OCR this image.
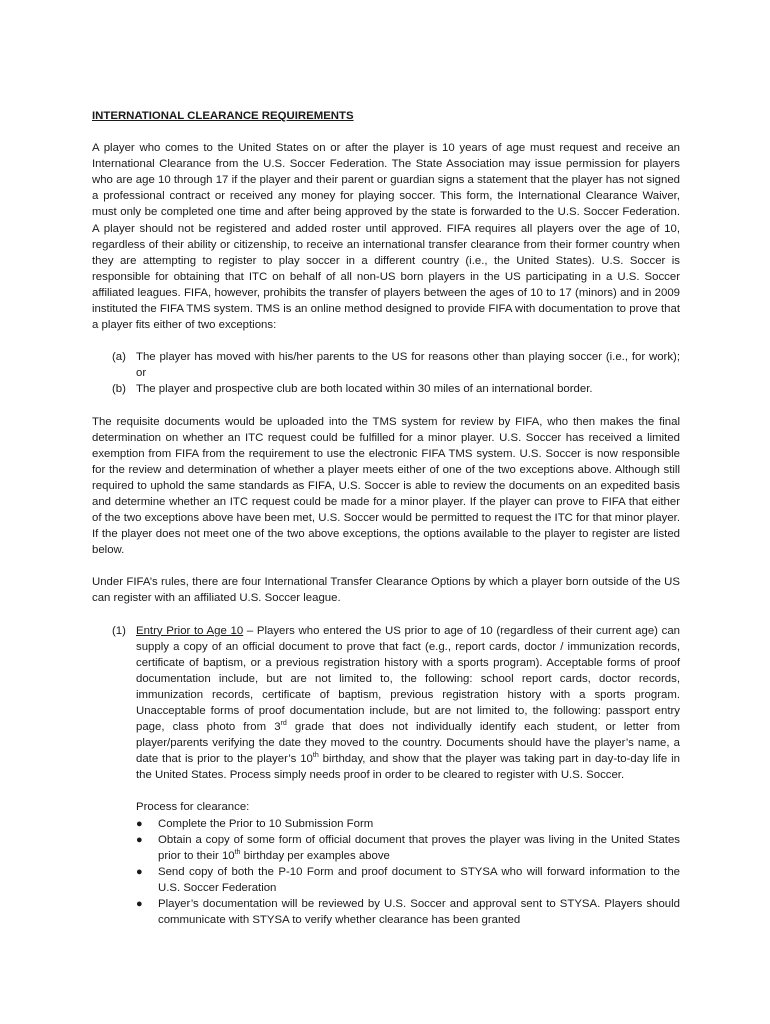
INTERNATIONAL CLEARANCE REQUIREMENTS

A player who comes to the United States on or after the player is 10 years of age must request and receive an International Clearance from the U.S. Soccer Federation. The State Association may issue permission for players who are age 10 through 17 if the player and their parent or guardian signs a statement that the player has not signed a professional contract or received any money for playing soccer. This form, the International Clearance Waiver, must only be completed one time and after being approved by the state is forwarded to the U.S. Soccer Federation. A player should not be registered and added roster until approved. FIFA requires all players over the age of 10, regardless of their ability or citizenship, to receive an international transfer clearance from their former country when they are attempting to register to play soccer in a different country (i.e., the United States). U.S. Soccer is responsible for obtaining that ITC on behalf of all non-US born players in the US participating in a U.S. Soccer affiliated leagues. FIFA, however, prohibits the transfer of players between the ages of 10 to 17 (minors) and in 2009 instituted the FIFA TMS system. TMS is an online method designed to provide FIFA with documentation to prove that a player fits either of two exceptions:

(a) The player has moved with his/her parents to the US for reasons other than playing soccer (i.e., for work); or
(b) The player and prospective club are both located within 30 miles of an international border.

The requisite documents would be uploaded into the TMS system for review by FIFA, who then makes the final determination on whether an ITC request could be fulfilled for a minor player. U.S. Soccer has received a limited exemption from FIFA from the requirement to use the electronic FIFA TMS system. U.S. Soccer is now responsible for the review and determination of whether a player meets either of one of the two exceptions above. Although still required to uphold the same standards as FIFA, U.S. Soccer is able to review the documents on an expedited basis and determine whether an ITC request could be made for a minor player. If the player can prove to FIFA that either of the two exceptions above have been met, U.S. Soccer would be permitted to request the ITC for that minor player. If the player does not meet one of the two above exceptions, the options available to the player to register are listed below.

Under FIFA’s rules, there are four International Transfer Clearance Options by which a player born outside of the US can register with an affiliated U.S. Soccer league.

(1) Entry Prior to Age 10 – Players who entered the US prior to age of 10 (regardless of their current age) can supply a copy of an official document to prove that fact (e.g., report cards, doctor / immunization records, certificate of baptism, or a previous registration history with a sports program). Acceptable forms of proof documentation include, but are not limited to, the following: school report cards, doctor records, immunization records, certificate of baptism, previous registration history with a sports program. Unacceptable forms of proof documentation include, but are not limited to, the following: passport entry page, class photo from 3rd grade that does not individually identify each student, or letter from player/parents verifying the date they moved to the country. Documents should have the player’s name, a date that is prior to the player’s 10th birthday, and show that the player was taking part in day-to-day life in the United States. Process simply needs proof in order to be cleared to register with U.S. Soccer.

Process for clearance:
●	Complete the Prior to 10 Submission Form
●	Obtain a copy of some form of official document that proves the player was living in the United States prior to their 10th birthday per examples above
●	Send copy of both the P-10 Form and proof document to STYSA who will forward information to the U.S. Soccer Federation
●	Player’s documentation will be reviewed by U.S. Soccer and approval sent to STYSA. Players should communicate with STYSA to verify whether clearance has been granted
